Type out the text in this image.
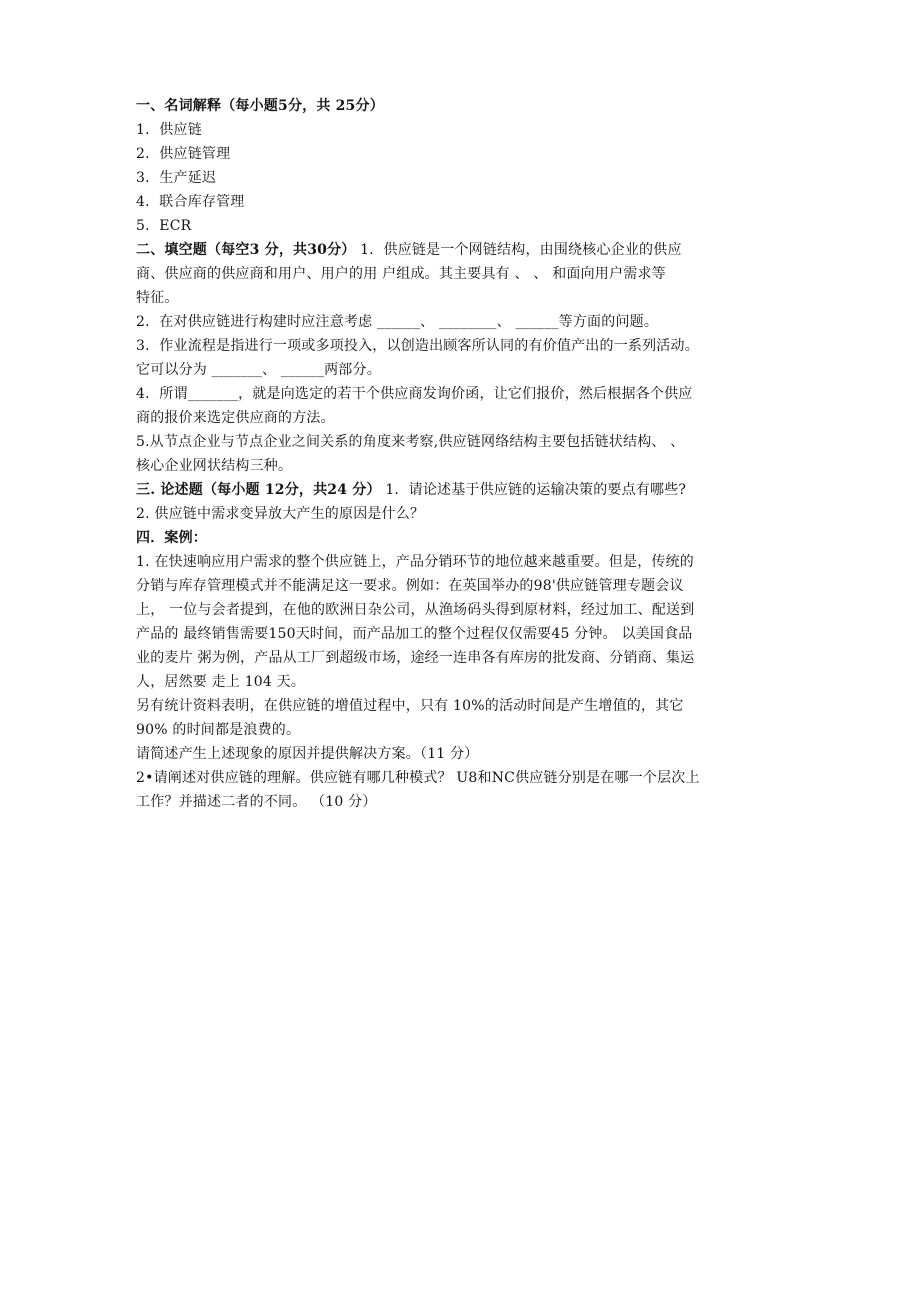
一、名词解释（每小题5分，共 25分）
1．供应链
2．供应链管理
3．生产延迟
4．联合库存管理
5．ECR
二、填空题（每空3 分，共30分） 1．供应链是一个网链结构，由围绕核心企业的供应
商、供应商的供应商和用户、用户的用 户组成。其主要具有 、 、 和面向用户需求等
特征。
2．在对供应链进行构建时应注意考虑 ______、 ________、 ______等方面的问题。
3．作业流程是指进行一项或多项投入，以创造出顾客所认同的有价值产出的一系列活动。
它可以分为 _______、 ______两部分。
4．所谓_______，就是向选定的若干个供应商发询价函，让它们报价，然后根据各个供应
商的报价来选定供应商的方法。
5.从节点企业与节点企业之间关系的角度来考察,供应链网络结构主要包括链状结构、 、
核心企业网状结构三种。
三. 论述题（每小题 12分，共24 分） 1．请论述基于供应链的运输决策的要点有哪些?
2. 供应链中需求变异放大产生的原因是什么？
四．案例：
1. 在快速响应用户需求的整个供应链上，产品分销环节的地位越来越重要。但是，传统的
分销与库存管理模式并不能满足这一要求。例如：在英国举办的98'供应链管理专题会议
上， 一位与会者提到，在他的欧洲日杂公司，从渔场码头得到原材料，经过加工、配送到
产品的 最终销售需要150天时间，而产品加工的整个过程仅仅需要45 分钟。 以美国食品
业的麦片 粥为例，产品从工厂到超级市场，途经一连串各有库房的批发商、分销商、集运
人，居然要 走上 104 天。
另有统计资料表明，在供应链的增值过程中，只有 10%的活动时间是产生增值的，其它
90% 的时间都是浪费的。
请简述产生上述现象的原因并提供解决方案。（11 分）
2•请阐述对供应链的理解。供应链有哪几种模式？ U8和NC供应链分别是在哪一个层次上
工作？并描述二者的不同。 （10 分）
